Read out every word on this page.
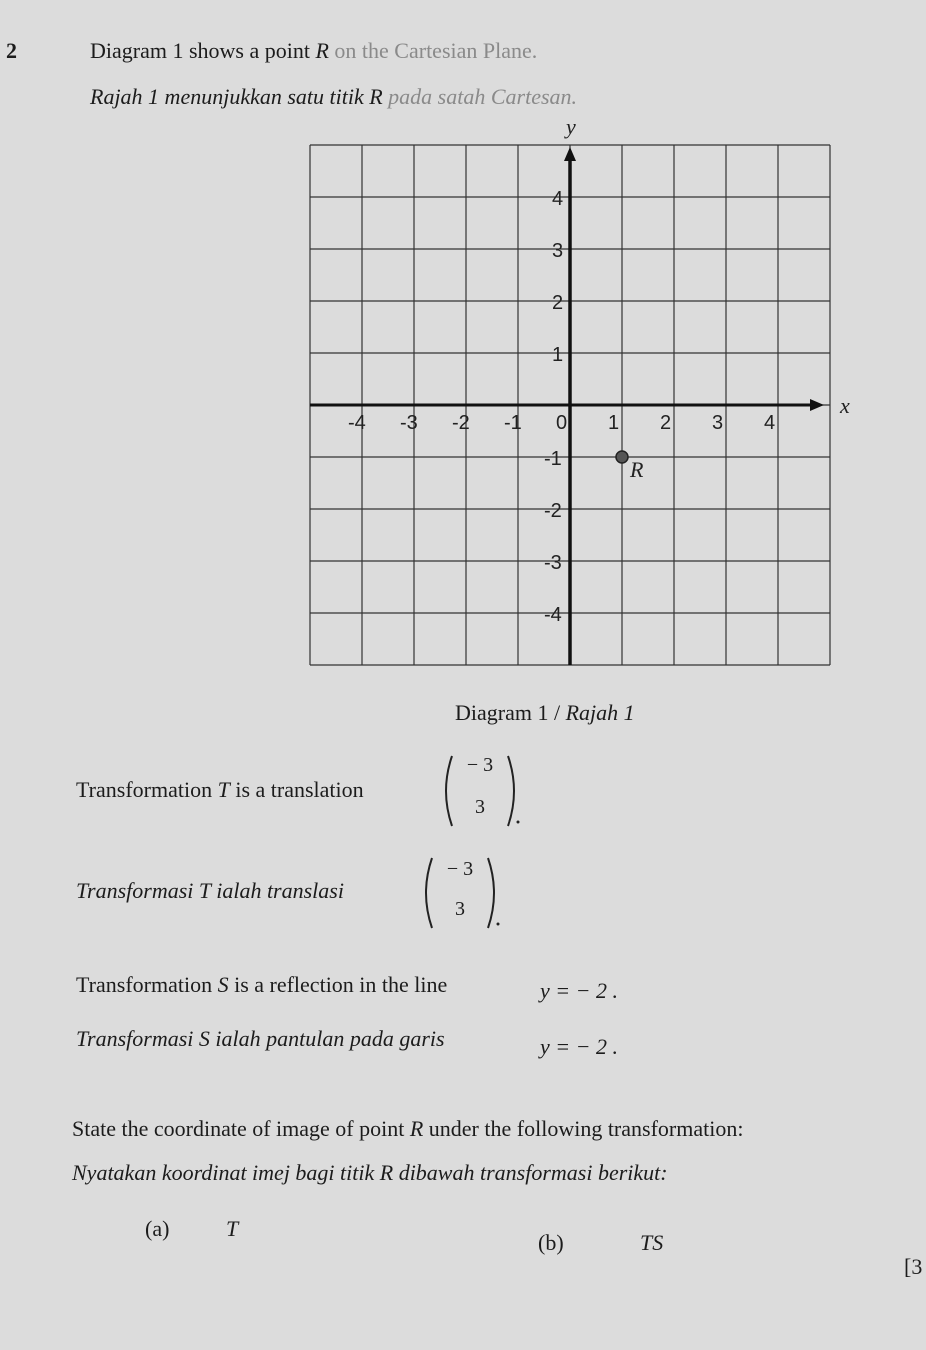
2	Diagram 1 shows a point R on the Cartesian Plane.
Rajah 1 menunjukkan satu titik R pada satah Cartesan.
x
y
-4 -3 -2 -1 0 1 2 3 4
4
3
2
1
-1
-2
-3
-4
R
Diagram 1 / Rajah 1
Transformation T is a translation
− 3
3
Transformasi T ialah translasi
− 3
3
Transformation S is a reflection in the line	y = − 2 .
Transformasi S ialah pantulan pada garis	y = − 2 .
State the coordinate of image of point R under the following transformation:
Nyatakan koordinat imej bagi titik R dibawah transformasi berikut:
(a)	T
(b)	TS
[3
